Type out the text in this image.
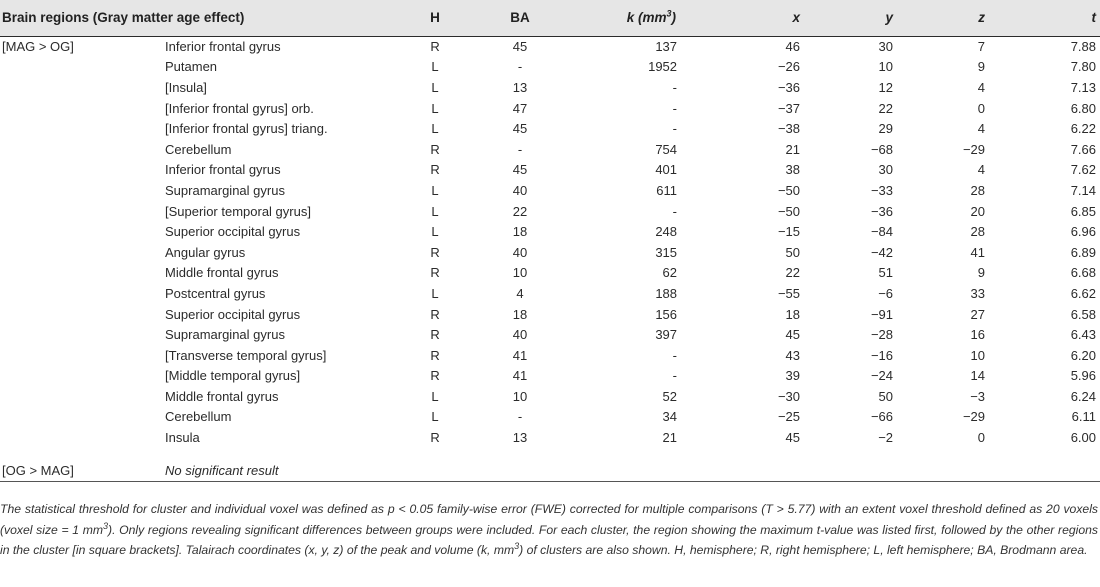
Brain regions (Gray matter age effect)		H	BA	k $(mm^3)$	x	y	z	t
[MAG > OG]	Inferior frontal gyrus	R	45	137	46	30	7	7.88
	Putamen	L	-	1952	−26	10	9	7.80
	[Insula]	L	13	-	−36	12	4	7.13
	[Inferior frontal gyrus] orb.	L	47	-	−37	22	0	6.80
	[Inferior frontal gyrus] triang.	L	45	-	−38	29	4	6.22
	Cerebellum	R	-	754	21	−68	−29	7.66
	Inferior frontal gyrus	R	45	401	38	30	4	7.62
	Supramarginal gyrus	L	40	611	−50	−33	28	7.14
	[Superior temporal gyrus]	L	22	-	−50	−36	20	6.85
	Superior occipital gyrus	L	18	248	−15	−84	28	6.96
	Angular gyrus	R	40	315	50	−42	41	6.89
	Middle frontal gyrus	R	10	62	22	51	9	6.68
	Postcentral gyrus	L	4	188	−55	−6	33	6.62
	Superior occipital gyrus	R	18	156	18	−91	27	6.58
	Supramarginal gyrus	R	40	397	45	−28	16	6.43
	[Transverse temporal gyrus]	R	41	-	43	−16	10	6.20
	[Middle temporal gyrus]	R	41	-	39	−24	14	5.96
	Middle frontal gyrus	L	10	52	−30	50	−3	6.24
	Cerebellum	L	-	34	−25	−66	−29	6.11
	Insula	R	13	21	45	−2	0	6.00

[OG > MAG]	No significant result							
The statistical threshold for cluster and individual voxel was defined as p < 0.05 family-wise error (FWE) corrected for multiple comparisons (T > 5.77) with an extent voxel threshold defined as 20 voxels (voxel size = 1 $mm^3$). Only regions revealing significant differences between groups were included. For each cluster, the region showing the maximum t-value was listed first, followed by the other regions in the cluster [in square brackets]. Talairach coordinates (x, y, z) of the peak and volume (k, $mm^3$) of clusters are also shown. H, hemisphere; R, right hemisphere; L, left hemisphere; BA, Brodmann area.
